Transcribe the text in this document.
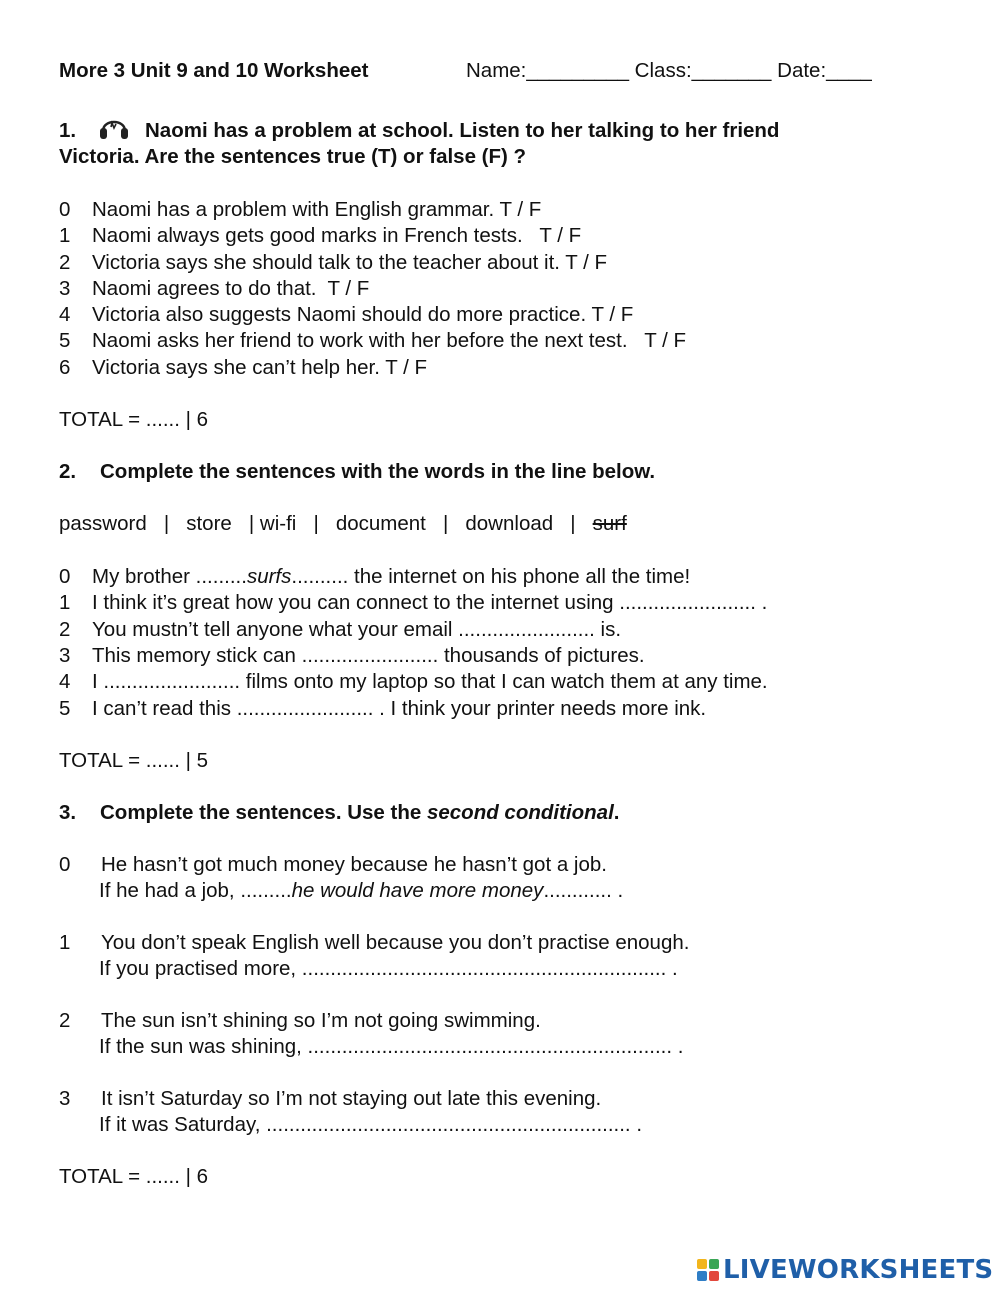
More 3 Unit 9 and 10 Worksheet	Name:_________ Class:_______ Date:____
1.	Naomi has a problem at school. Listen to her talking to her friend
Victoria. Are the sentences true (T) or false (F) ?
0 Naomi has a problem with English grammar. T / F
1 Naomi always gets good marks in French tests.   T / F
2 Victoria says she should talk to the teacher about it. T / F
3 Naomi agrees to do that.  T / F
4 Victoria also suggests Naomi should do more practice. T / F
5 Naomi asks her friend to work with her before the next test.   T / F
6 Victoria says she can’t help her. T / F
TOTAL = ...... | 6
2. Complete the sentences with the words in the line below.
password   |   store   | wi-fi   |   document   |   download   |   surf
0 My brother .........surfs.......... the internet on his phone all the time!
1 I think it’s great how you can connect to the internet using ........................ .
2 You mustn’t tell anyone what your email ........................ is.
3 This memory stick can ........................ thousands of pictures.
4 I ........................ films onto my laptop so that I can watch them at any time.
5 I can’t read this ........................ . I think your printer needs more ink.
TOTAL = ...... | 5
3. Complete the sentences. Use the second conditional.
0 He hasn’t got much money because he hasn’t got a job.
If he had a job, .........he would have more money............ .
1 You don’t speak English well because you don’t practise enough.
If you practised more, ................................................................ .
2 The sun isn’t shining so I’m not going swimming.
If the sun was shining, ................................................................ .
3 It isn’t Saturday so I’m not staying out late this evening.
If it was Saturday, ................................................................ .
TOTAL = ...... | 6
LIVEWORKSHEETS
